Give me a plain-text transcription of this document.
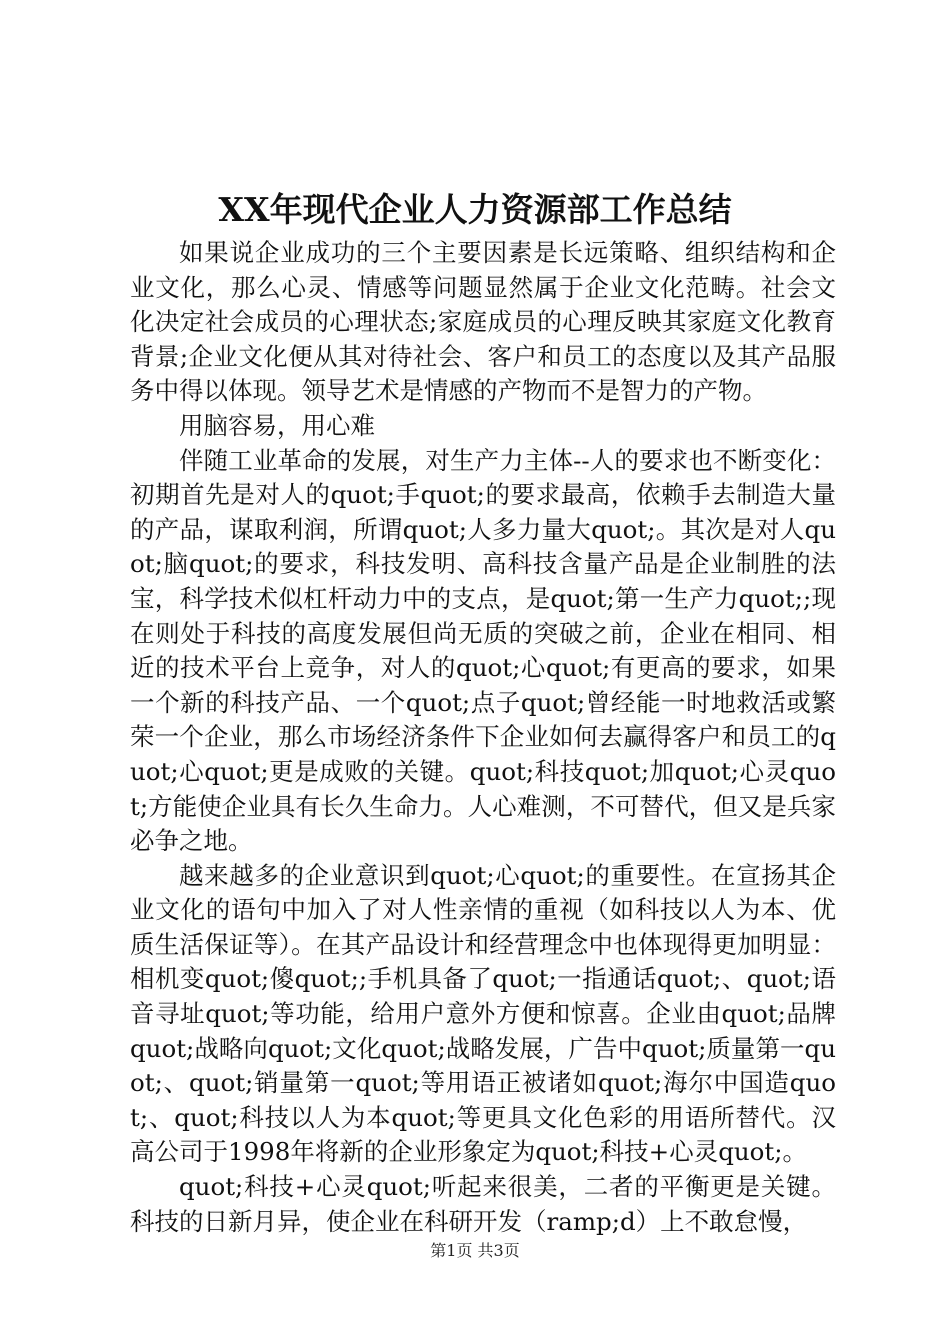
XX年现代企业人力资源部工作总结

如果说企业成功的三个主要因素是长远策略、组织结构和企业文化，那么心灵、情感等问题显然属于企业文化范畴。社会文化决定社会成员的心理状态;家庭成员的心理反映其家庭文化教育背景;企业文化便从其对待社会、客户和员工的态度以及其产品服务中得以体现。领导艺术是情感的产物而不是智力的产物。

用脑容易，用心难

伴随工业革命的发展，对生产力主体--人的要求也不断变化：初期首先是对人的quot;手quot;的要求最高，依赖手去制造大量的产品，谋取利润，所谓quot;人多力量大quot;。其次是对人quot;脑quot;的要求，科技发明、高科技含量产品是企业制胜的法宝，科学技术似杠杆动力中的支点，是quot;第一生产力quot;;现在则处于科技的高度发展但尚无质的突破之前，企业在相同、相近的技术平台上竞争，对人的quot;心quot;有更高的要求，如果一个新的科技产品、一个quot;点子quot;曾经能一时地救活或繁荣一个企业，那么市场经济条件下企业如何去赢得客户和员工的quot;心quot;更是成败的关键。quot;科技quot;加quot;心灵quot;方能使企业具有长久生命力。人心难测，不可替代，但又是兵家必争之地。

越来越多的企业意识到quot;心quot;的重要性。在宣扬其企业文化的语句中加入了对人性亲情的重视（如科技以人为本、优质生活保证等）。在其产品设计和经营理念中也体现得更加明显：相机变quot;傻quot;;手机具备了quot;一指通话quot;、quot;语音寻址quot;等功能，给用户意外方便和惊喜。企业由quot;品牌quot;战略向quot;文化quot;战略发展，广告中quot;质量第一quot;、quot;销量第一quot;等用语正被诸如quot;海尔中国造quot;、quot;科技以人为本quot;等更具文化色彩的用语所替代。汉高公司于1998年将新的企业形象定为quot;科技+心灵quot;。

quot;科技+心灵quot;听起来很美，二者的平衡更是关键。科技的日新月异，使企业在科研开发（ramp;d）上不敢怠慢，

第1页 共3页
